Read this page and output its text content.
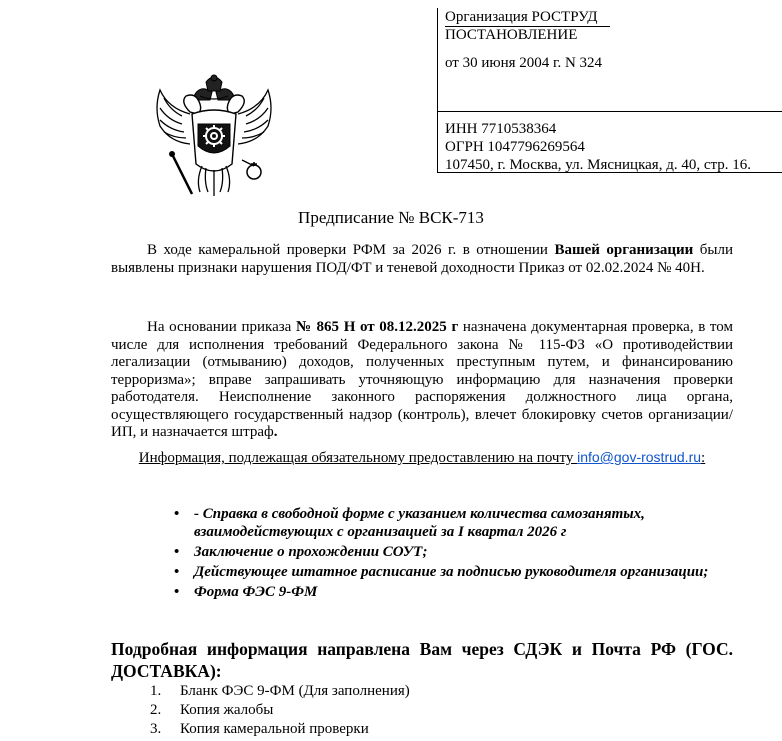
Организация РОСТРУД
ПОСТАНОВЛЕНИЕ
от 30 июня 2004 г. N 324
ИНН 7710538364
ОГРН 1047796269564
107450, г. Москва, ул. Мясницкая, д. 40, стр. 16.
Предписание № ВСК-713

В ходе камеральной проверки РФМ за 2026 г. в отношении Вашей организации были выявлены признаки нарушения ПОД/ФТ и теневой доходности Приказ от 02.02.2024 № 40Н.

На основании приказа № 865 Н от 08.12.2025 г назначена документарная проверка, в том числе для исполнения требований Федерального закона № 115-ФЗ «О противодействии легализации (отмыванию) доходов, полученных преступным путем, и финансированию терроризма»; вправе запрашивать уточняющую информацию для назначения проверки работодателя. Неисполнение законного распоряжения должностного лица органа, осуществляющего государственный надзор (контроль), влечет блокировку счетов организации/ИП, и назначается штраф.

Информация, подлежащая обязательному предоставлению на почту info@gov-rostrud.ru:
• - Справка в свободной форме с указанием количества самозанятых, взаимодействующих с организацией за I квартал 2026 г
• Заключение о прохождении СОУТ;
• Действующее штатное расписание за подписью руководителя организации;
• Форма ФЭС 9-ФМ
Подробная информация направлена Вам через СДЭК и Почта РФ (ГОС. ДОСТАВКА):
1. Бланк ФЭС 9-ФМ (Для заполнения)
2. Копия жалобы
3. Копия камеральной проверки
